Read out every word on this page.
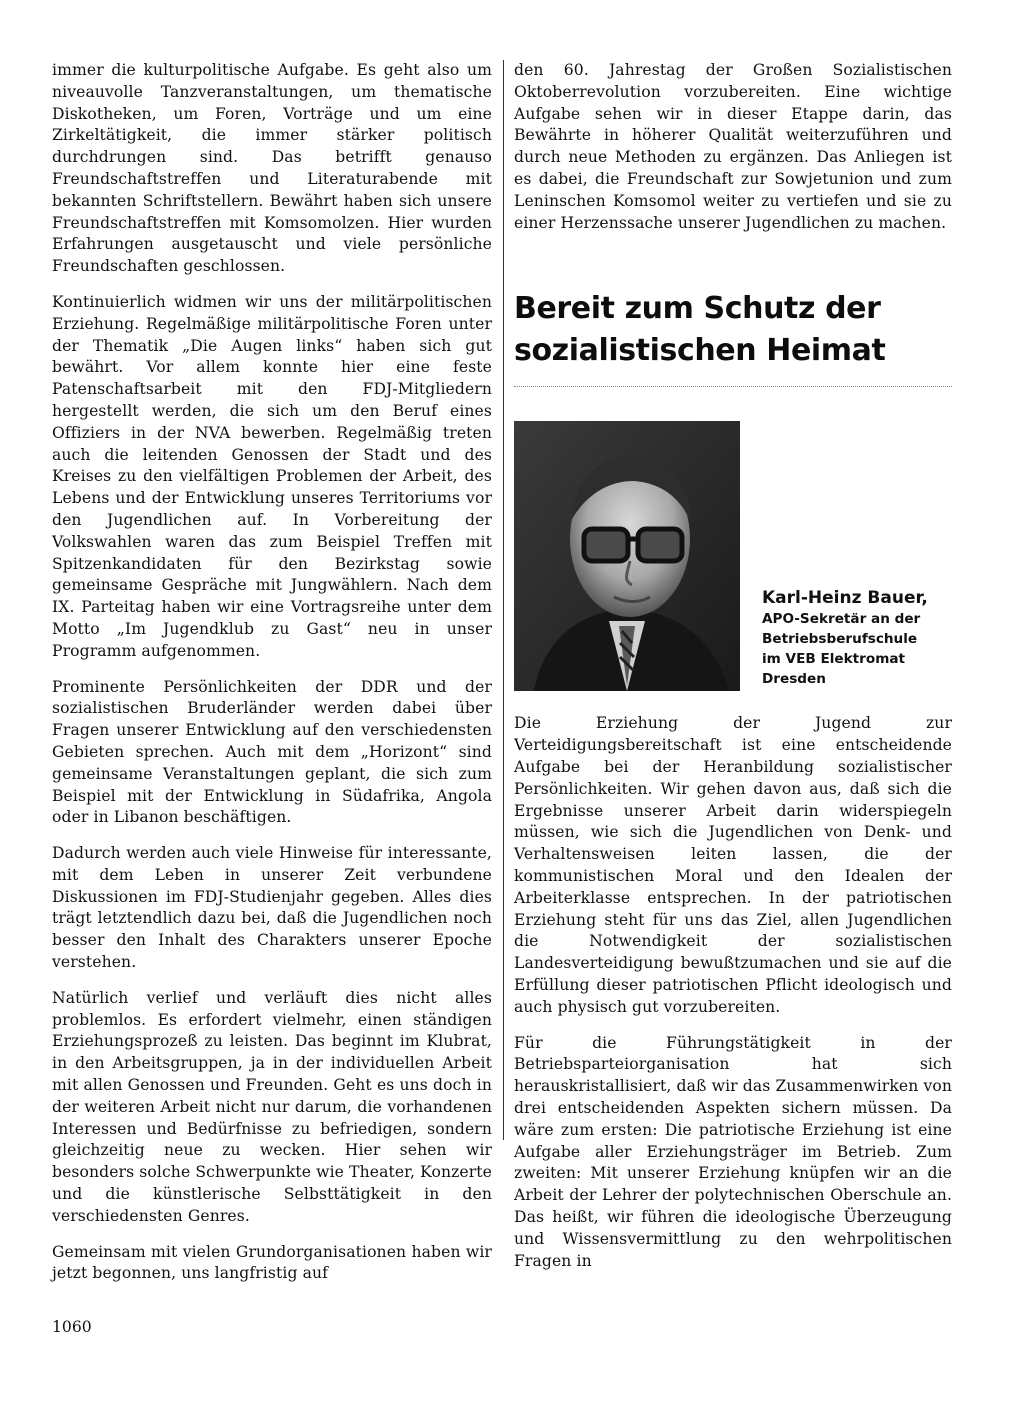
immer die kulturpolitische Aufgabe. Es geht also um niveauvolle Tanzveranstaltungen, um thematische Diskotheken, um Foren, Vorträge und um eine Zirkeltätigkeit, die immer stärker politisch durchdrungen sind. Das betrifft genauso Freundschaftstreffen und Literaturabende mit bekannten Schriftstellern. Bewährt haben sich unsere Freundschaftstreffen mit Komsomolzen. Hier wurden Erfahrungen ausgetauscht und viele persönliche Freundschaften geschlossen.

Kontinuierlich widmen wir uns der militärpolitischen Erziehung. Regelmäßige militärpolitische Foren unter der Thematik „Die Augen links“ haben sich gut bewährt. Vor allem konnte hier eine feste Patenschaftsarbeit mit den FDJ-Mitgliedern hergestellt werden, die sich um den Beruf eines Offiziers in der NVA bewerben. Regelmäßig treten auch die leitenden Genossen der Stadt und des Kreises zu den vielfältigen Problemen der Arbeit, des Lebens und der Entwicklung unseres Territoriums vor den Jugendlichen auf. In Vorbereitung der Volkswahlen waren das zum Beispiel Treffen mit Spitzenkandidaten für den Bezirkstag sowie gemeinsame Gespräche mit Jungwählern. Nach dem IX. Parteitag haben wir eine Vortragsreihe unter dem Motto „Im Jugendklub zu Gast“ neu in unser Programm aufgenommen.

Prominente Persönlichkeiten der DDR und der sozialistischen Bruderländer werden dabei über Fragen unserer Entwicklung auf den verschiedensten Gebieten sprechen. Auch mit dem „Horizont“ sind gemeinsame Veranstaltungen geplant, die sich zum Beispiel mit der Entwicklung in Südafrika, Angola oder in Libanon beschäftigen.

Dadurch werden auch viele Hinweise für interessante, mit dem Leben in unserer Zeit verbundene Diskussionen im FDJ-Studienjahr gegeben. Alles dies trägt letztendlich dazu bei, daß die Jugendlichen noch besser den Inhalt des Charakters unserer Epoche verstehen.

Natürlich verlief und verläuft dies nicht alles problemlos. Es erfordert vielmehr, einen ständigen Erziehungsprozeß zu leisten. Das beginnt im Klubrat, in den Arbeitsgruppen, ja in der individuellen Arbeit mit allen Genossen und Freunden. Geht es uns doch in der weiteren Arbeit nicht nur darum, die vorhandenen Interessen und Bedürfnisse zu befriedigen, sondern gleichzeitig neue zu wecken. Hier sehen wir besonders solche Schwerpunkte wie Theater, Konzerte und die künstlerische Selbsttätigkeit in den verschiedensten Genres.

Gemeinsam mit vielen Grundorganisationen haben wir jetzt begonnen, uns langfristig auf

den 60. Jahrestag der Großen Sozialistischen Oktoberrevolution vorzubereiten. Eine wichtige Aufgabe sehen wir in dieser Etappe darin, das Bewährte in höherer Qualität weiterzuführen und durch neue Methoden zu ergänzen. Das Anliegen ist es dabei, die Freundschaft zur Sowjetunion und zum Leninschen Komsomol weiter zu vertiefen und sie zu einer Herzenssache unserer Jugendlichen zu machen.

Bereit zum Schutz der
sozialistischen Heimat
Karl-Heinz Bauer,
APO-Sekretär an der
Betriebsberufschule
im VEB Elektromat
Dresden

Die Erziehung der Jugend zur Verteidigungsbereitschaft ist eine entscheidende Aufgabe bei der Heranbildung sozialistischer Persönlichkeiten. Wir gehen davon aus, daß sich die Ergebnisse unserer Arbeit darin widerspiegeln müssen, wie sich die Jugendlichen von Denk- und Verhaltensweisen leiten lassen, die der kommunistischen Moral und den Idealen der Arbeiterklasse entsprechen. In der patriotischen Erziehung steht für uns das Ziel, allen Jugendlichen die Notwendigkeit der sozialistischen Landesverteidigung bewußtzumachen und sie auf die Erfüllung dieser patriotischen Pflicht ideologisch und auch physisch gut vorzubereiten.

Für die Führungstätigkeit in der Betriebsparteiorganisation hat sich herauskristallisiert, daß wir das Zusammenwirken von drei entscheidenden Aspekten sichern müssen. Da wäre zum ersten: Die patriotische Erziehung ist eine Aufgabe aller Erziehungsträger im Betrieb. Zum zweiten: Mit unserer Erziehung knüpfen wir an die Arbeit der Lehrer der polytechnischen Oberschule an. Das heißt, wir führen die ideologische Überzeugung und Wissensvermittlung zu den wehrpolitischen Fragen in

1060
